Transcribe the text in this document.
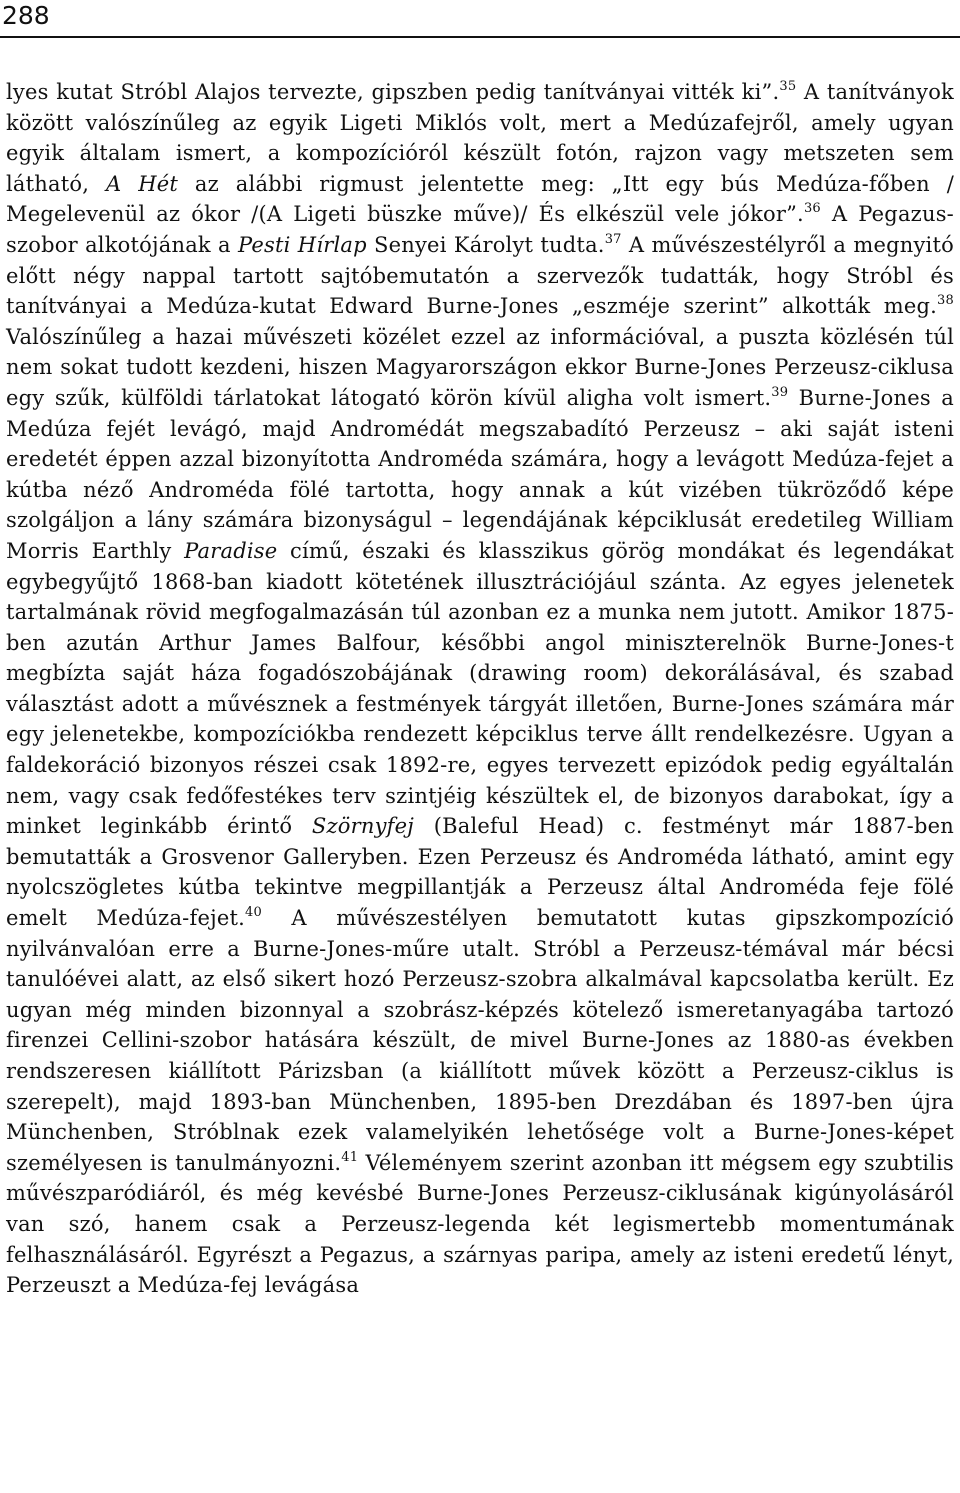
288
lyes kutat Stróbl Alajos tervezte, gipszben pedig tanítványai vitték ki”.$^{35}$ A tanítványok között valószínűleg az egyik Ligeti Miklós volt, mert a Medúzafejről, amely ugyan egyik általam ismert, a kompozícióról készült fotón, rajzon vagy metszeten sem látható, A Hét az alábbi rigmust jelentette meg: „Itt egy bús Medúza-főben / Megelevenül az ókor /(A Ligeti büszke műve)/ És elkészül vele jókor”.$^{36}$ A Pegazus-szobor alkotójának a Pesti Hírlap Senyei Károlyt tudta.$^{37}$ A művészestélyről a megnyitó előtt négy nappal tartott sajtóbemutatón a szervezők tudatták, hogy Stróbl és tanítványai a Medúza-kutat Edward Burne-Jones „eszméje szerint” alkották meg.$^{38}$ Valószínűleg a hazai művészeti közélet ezzel az információval, a puszta közlésén túl nem sokat tudott kezdeni, hiszen Magyarországon ekkor Burne-Jones Perzeusz-ciklusa egy szűk, külföldi tárlatokat látogató körön kívül aligha volt ismert.$^{39}$ Burne-Jones a Medúza fejét levágó, majd Andromédát megszabadító Perzeusz – aki saját isteni eredetét éppen azzal bizonyította Androméda számára, hogy a levágott Medúza-fejet a kútba néző Androméda fölé tartotta, hogy annak a kút vizében tükröződő képe szolgáljon a lány számára bizonyságul – legendájának képciklusát eredetileg William Morris Earthly Paradise című, északi és klasszikus görög mondákat és legendákat egybegyűjtő 1868-ban kiadott kötetének illusztrációjául szánta. Az egyes jelenetek tartalmának rövid megfogalmazásán túl azonban ez a munka nem jutott. Amikor 1875-ben azután Arthur James Balfour, későbbi angol miniszterelnök Burne-Jones-t megbízta saját háza fogadószobájának (drawing room) dekorálásával, és szabad választást adott a művésznek a festmények tárgyát illetően, Burne-Jones számára már egy jelenetekbe, kompozíciókba rendezett képciklus terve állt rendelkezésre. Ugyan a faldekoráció bizonyos részei csak 1892-re, egyes tervezett epizódok pedig egyáltalán nem, vagy csak fedőfestékes terv szintjéig készültek el, de bizonyos darabokat, így a minket leginkább érintő Szörnyfej (Baleful Head) c. festményt már 1887-ben bemutatták a Grosvenor Galleryben. Ezen Perzeusz és Androméda látható, amint egy nyolcszögletes kútba tekintve megpillantják a Perzeusz által Androméda feje fölé emelt Medúza-fejet.$^{40}$ A művészestélyen bemutatott kutas gipszkompozíció nyilvánvalóan erre a Burne-Jones-műre utalt. Stróbl a Perzeusz-témával már bécsi tanulóévei alatt, az első sikert hozó Perzeusz-szobra alkalmával kapcsolatba került. Ez ugyan még minden bizonnyal a szobrász-képzés kötelező ismeretanyagába tartozó firenzei Cellini-szobor hatására készült, de mivel Burne-Jones az 1880-as években rendszeresen kiállított Párizsban (a kiállított művek között a Perzeusz-ciklus is szerepelt), majd 1893-ban Münchenben, 1895-ben Drezdában és 1897-ben újra Münchenben, Stróblnak ezek valamelyikén lehetősége volt a Burne-Jones-képet személyesen is tanulmányozni.$^{41}$ Véleményem szerint azonban itt mégsem egy szubtilis művészparódiáról, és még kevésbé Burne-Jones Perzeusz-ciklusának kigúnyolásáról van szó, hanem csak a Perzeusz-legenda két legismertebb momentumának felhasználásáról. Egyrészt a Pegazus, a szárnyas paripa, amely az isteni eredetű lényt, Perzeuszt a Medúza-fej levágása
